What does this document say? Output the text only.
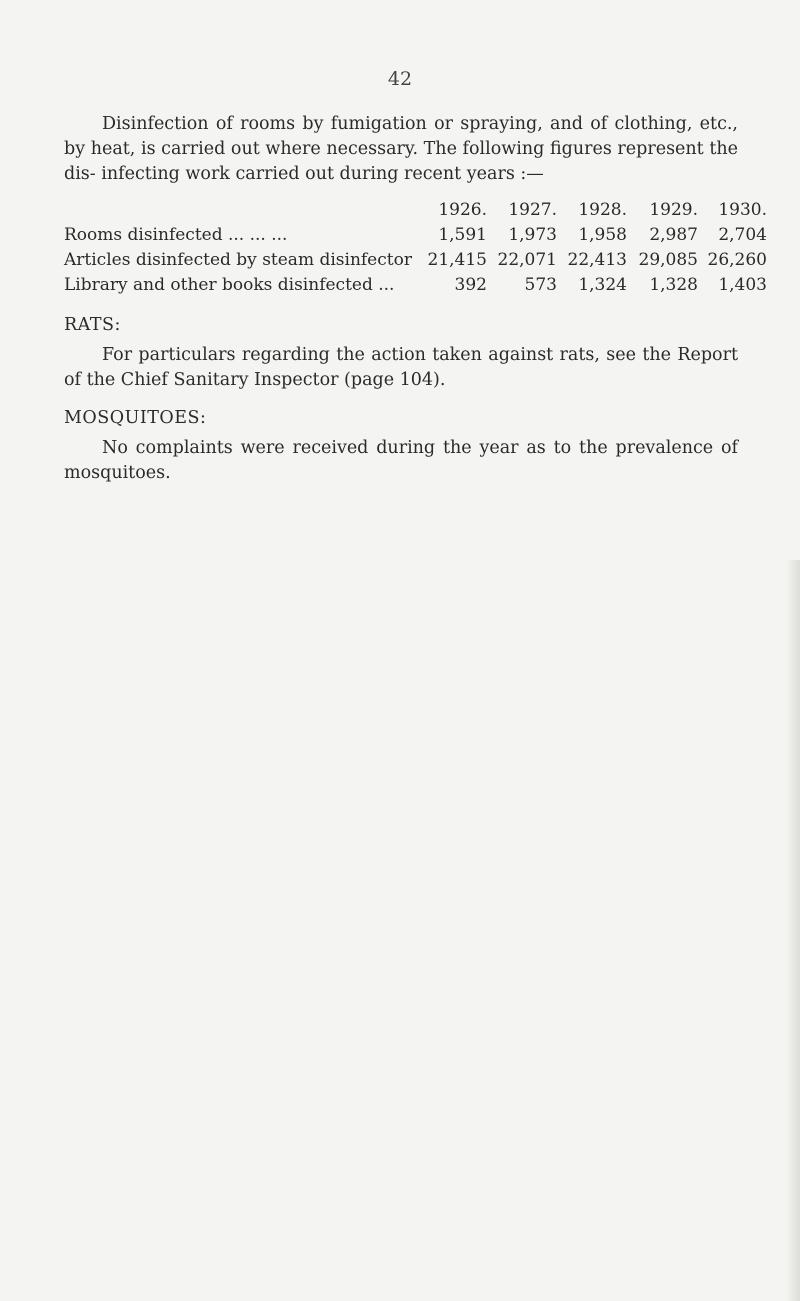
42

Disinfection of rooms by fumigation or spraying, and of clothing, etc., by heat, is carried out where necessary. The following figures represent the dis- infecting work carried out during recent years :—

1926.	1927.	1928.	1929.	1930.
Rooms disinfected ... ... ...	1,591	1,973	1,958	2,987	2,704
Articles disinfected by steam disinfector 21,415 22,071 22,413 29,085 26,260
Library and other books disinfected ...	392	573	1,324	1,328	1,403
RATS:

For particulars regarding the action taken against rats, see the Report of the Chief Sanitary Inspector (page 104).

MOSQUITOES:

No complaints were received during the year as to the prevalence of mosquitoes.
